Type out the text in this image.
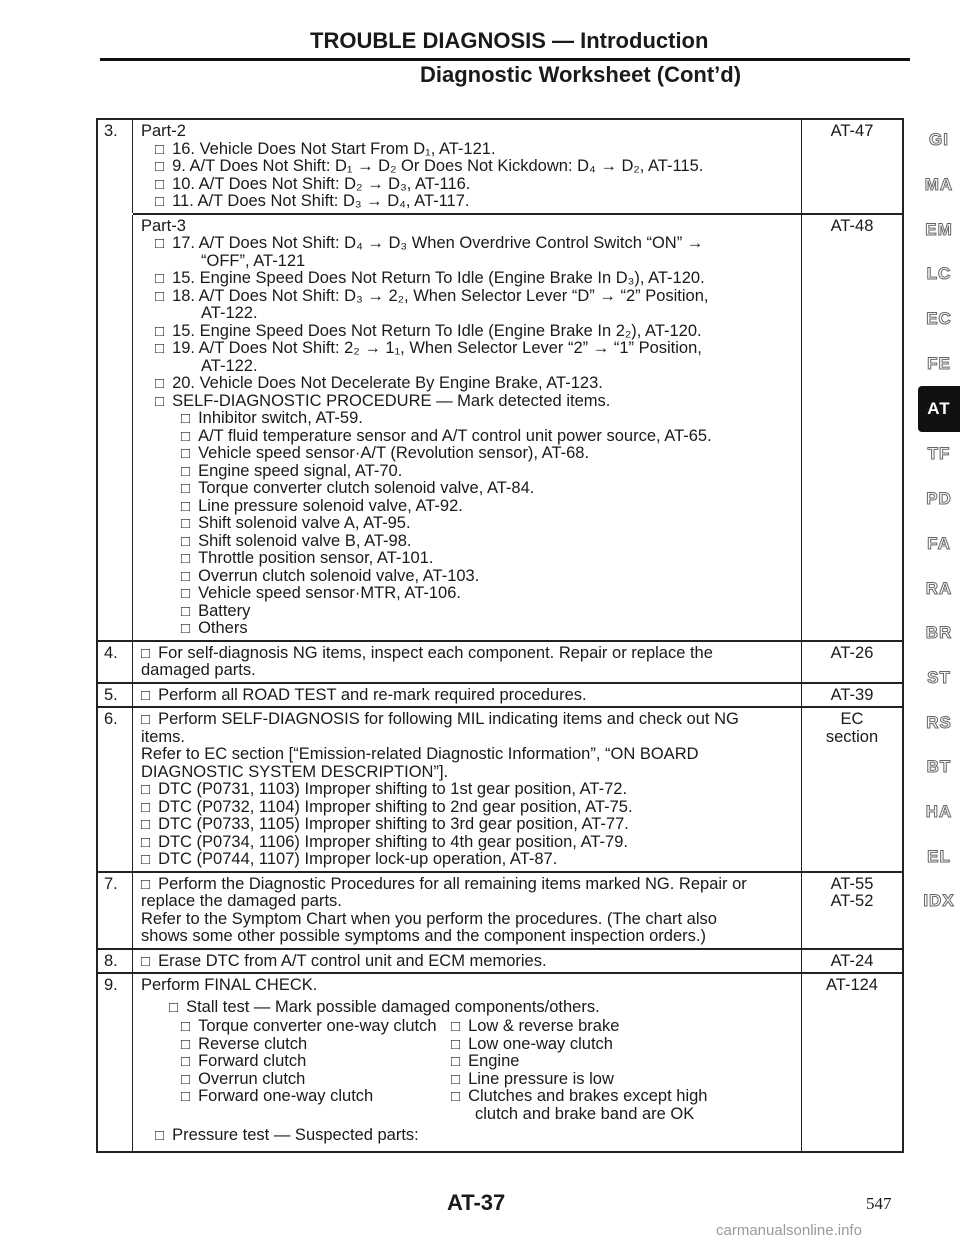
TROUBLE DIAGNOSIS — Introduction
Diagnostic Worksheet (Cont’d)
3.	Part-2
□ 16. Vehicle Does Not Start From D₁, AT-121.
□ 9. A/T Does Not Shift: D₁ → D₂ Or Does Not Kickdown: D₄ → D₂, AT-115.
□ 10. A/T Does Not Shift: D₂ → D₃, AT-116.
□ 11. A/T Does Not Shift: D₃ → D₄, AT-117.
AT-47
Part-3
□ 17. A/T Does Not Shift: D₄ → D₃ When Overdrive Control Switch “ON” →
“OFF”, AT-121
□ 15. Engine Speed Does Not Return To Idle (Engine Brake In D₃), AT-120.
□ 18. A/T Does Not Shift: D₃ → 2₂, When Selector Lever “D” → “2” Position,
AT-122.
□ 15. Engine Speed Does Not Return To Idle (Engine Brake In 2₂), AT-120.
□ 19. A/T Does Not Shift: 2₂ → 1₁, When Selector Lever “2” → “1” Position,
AT-122.
□ 20. Vehicle Does Not Decelerate By Engine Brake, AT-123.
□ SELF-DIAGNOSTIC PROCEDURE — Mark detected items.
□ Inhibitor switch, AT-59.
□ A/T fluid temperature sensor and A/T control unit power source, AT-65.
□ Vehicle speed sensor·A/T (Revolution sensor), AT-68.
□ Engine speed signal, AT-70.
□ Torque converter clutch solenoid valve, AT-84.
□ Line pressure solenoid valve, AT-92.
□ Shift solenoid valve A, AT-95.
□ Shift solenoid valve B, AT-98.
□ Throttle position sensor, AT-101.
□ Overrun clutch solenoid valve, AT-103.
□ Vehicle speed sensor·MTR, AT-106.
□ Battery
□ Others
AT-48
4.	□ For self-diagnosis NG items, inspect each component. Repair or replace the
damaged parts.
AT-26
5.	□ Perform all ROAD TEST and re-mark required procedures.	AT-39
6.	□ Perform SELF-DIAGNOSIS for following MIL indicating items and check out NG
items.
Refer to EC section [“Emission-related Diagnostic Information”, “ON BOARD
DIAGNOSTIC SYSTEM DESCRIPTION”].
□ DTC (P0731, 1103) Improper shifting to 1st gear position, AT-72.
□ DTC (P0732, 1104) Improper shifting to 2nd gear position, AT-75.
□ DTC (P0733, 1105) Improper shifting to 3rd gear position, AT-77.
□ DTC (P0734, 1106) Improper shifting to 4th gear position, AT-79.
□ DTC (P0744, 1107) Improper lock-up operation, AT-87.
EC
section
7.	□ Perform the Diagnostic Procedures for all remaining items marked NG. Repair or
replace the damaged parts.
Refer to the Symptom Chart when you perform the procedures. (The chart also
shows some other possible symptoms and the component inspection orders.)
AT-55
AT-52
8.	□ Erase DTC from A/T control unit and ECM memories.	AT-24
9.	Perform FINAL CHECK.
□ Stall test — Mark possible damaged components/others.
□ Torque converter one-way clutch
□ Reverse clutch
□ Forward clutch
□ Overrun clutch
□ Forward one-way clutch
□ Low & reverse brake
□ Low one-way clutch
□ Engine
□ Line pressure is low
□ Clutches and brakes except high
clutch and brake band are OK
□ Pressure test — Suspected parts:
AT-124
GI
MA
EM
LC
EC
FE
AT
TF
PD
FA
RA
BR
ST
RS
BT
HA
EL
IDX
AT-37	547
carmanualsonline.info
